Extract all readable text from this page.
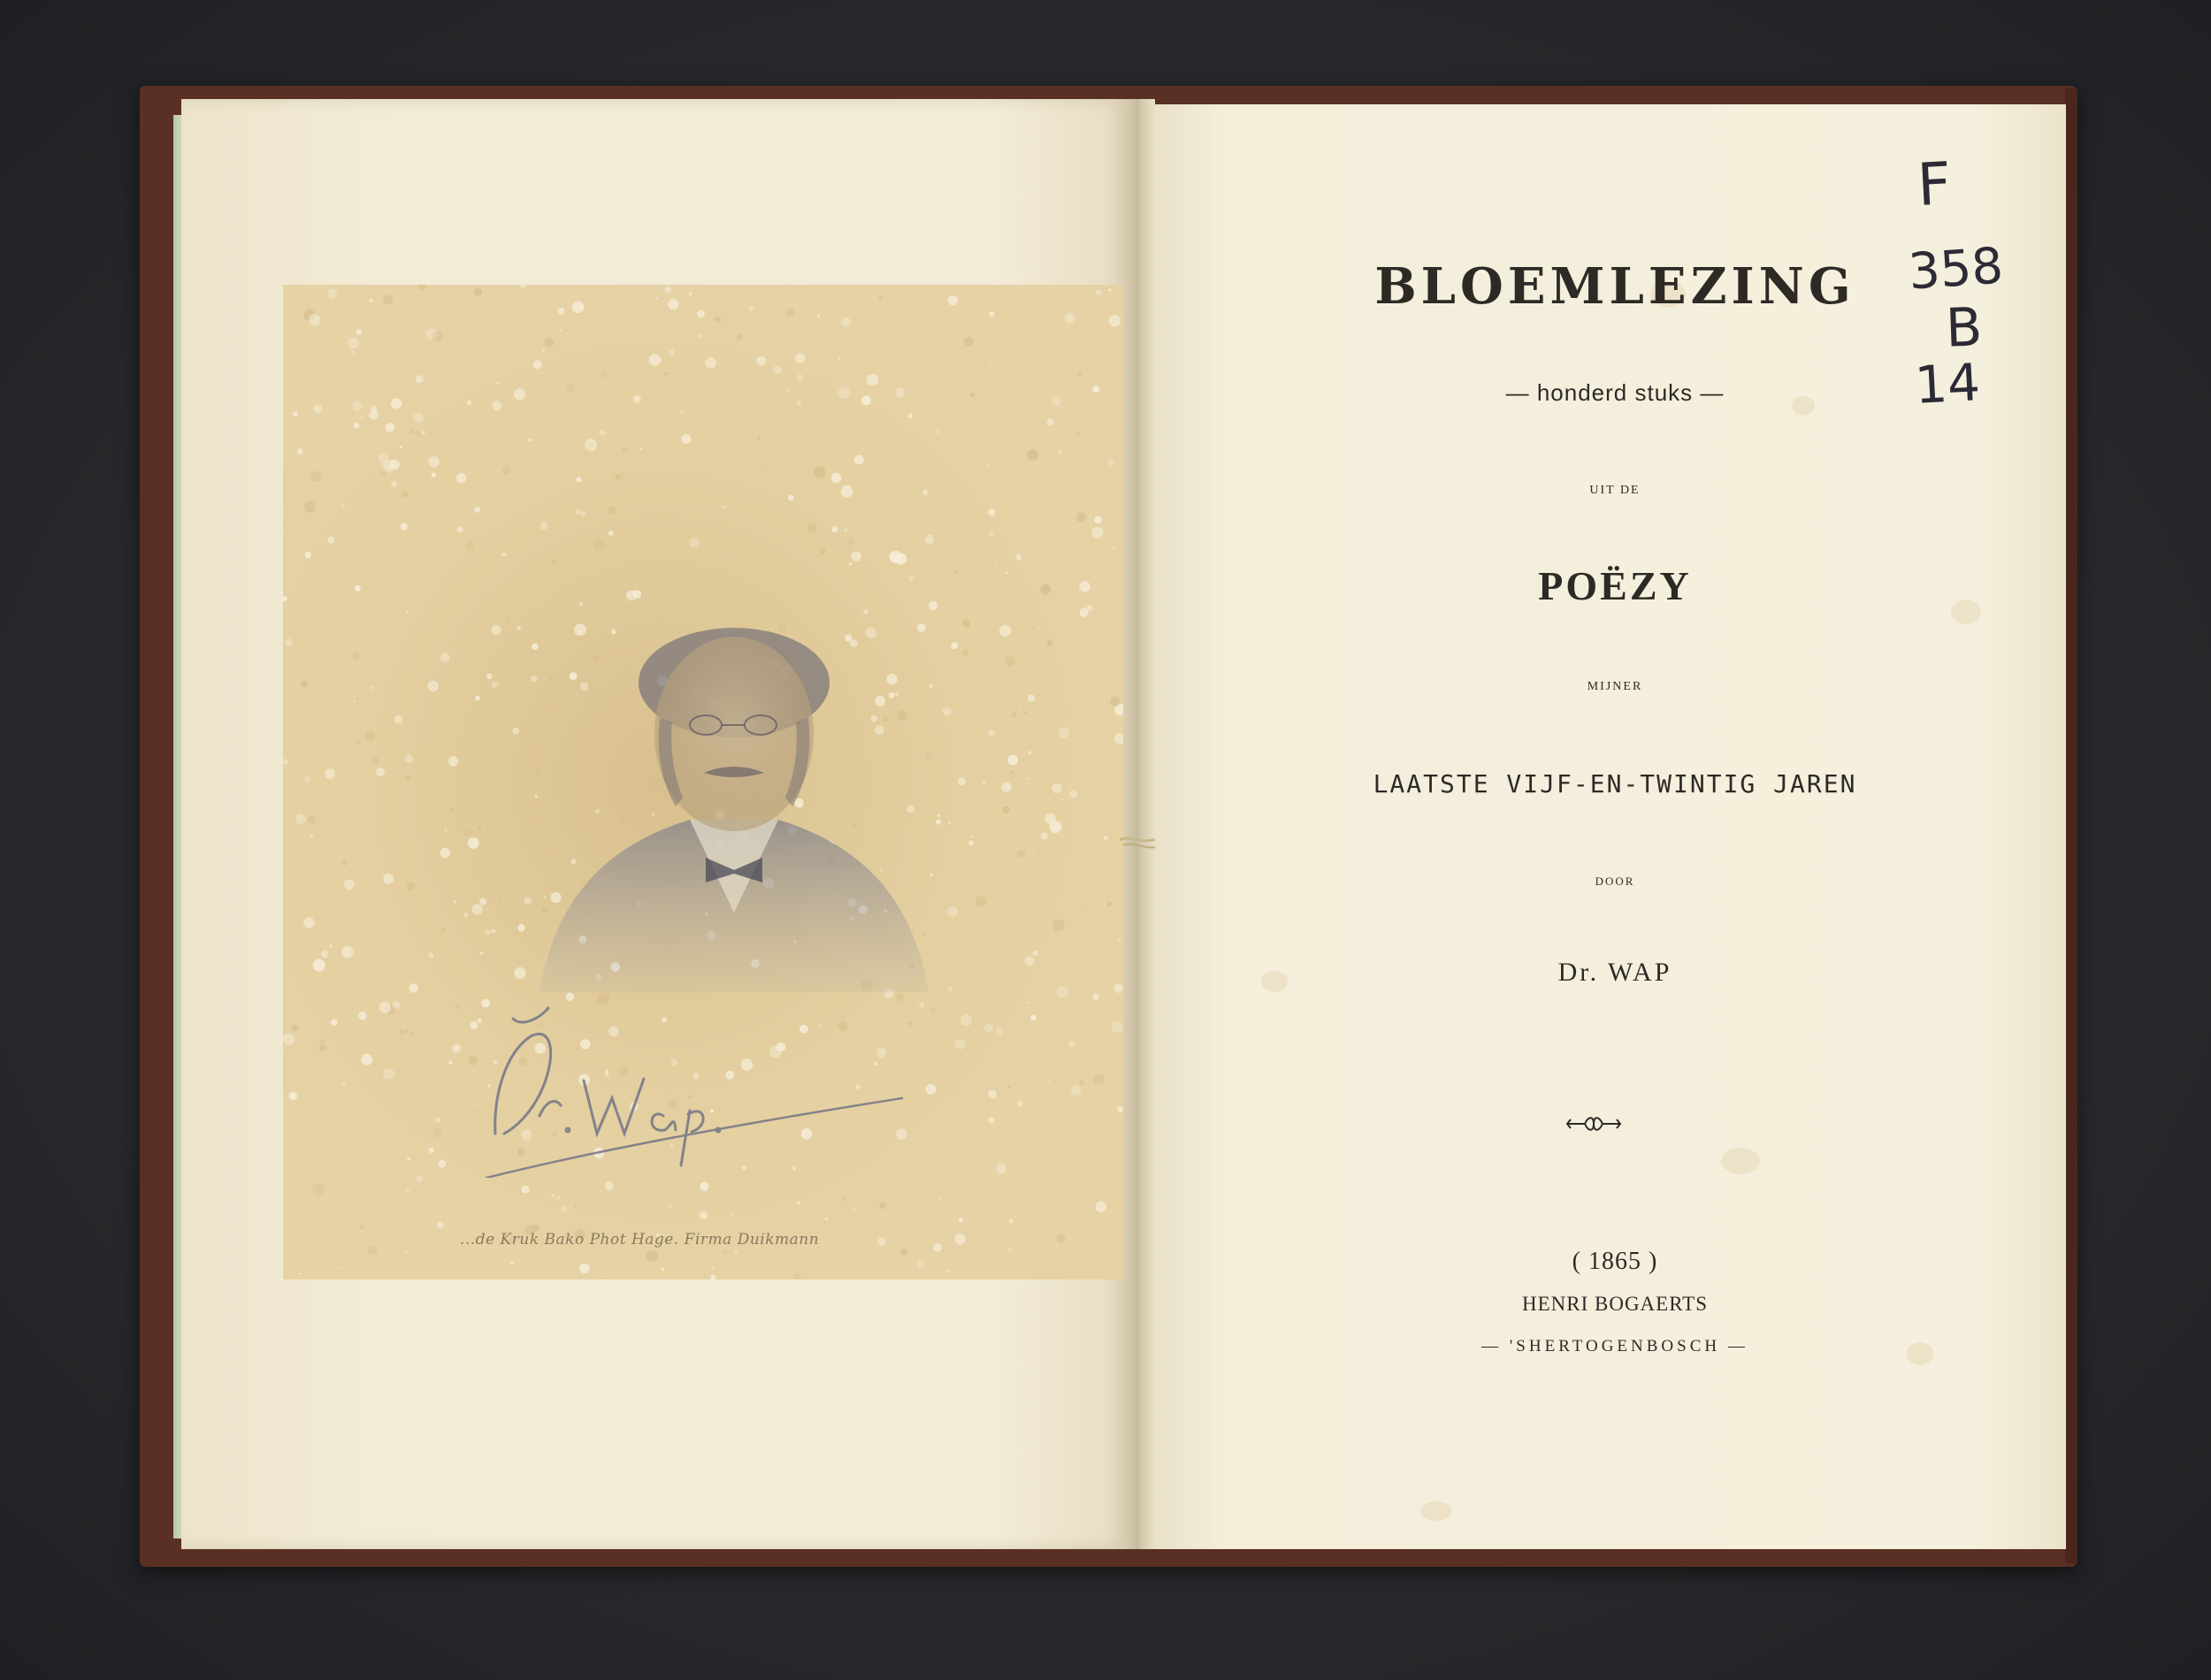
...de Kruk Bako Phot Hage. Firma Duikmann
BLOEMLEZING
— honderd stuks —
UIT DE
POËZY
MIJNER
LAATSTE VIJF-EN-TWINTIG JAREN
DOOR
Dr. WAP
( 1865 )
HENRI BOGAERTS
— 'SHERTOGENBOSCH —
F
358
B
14
